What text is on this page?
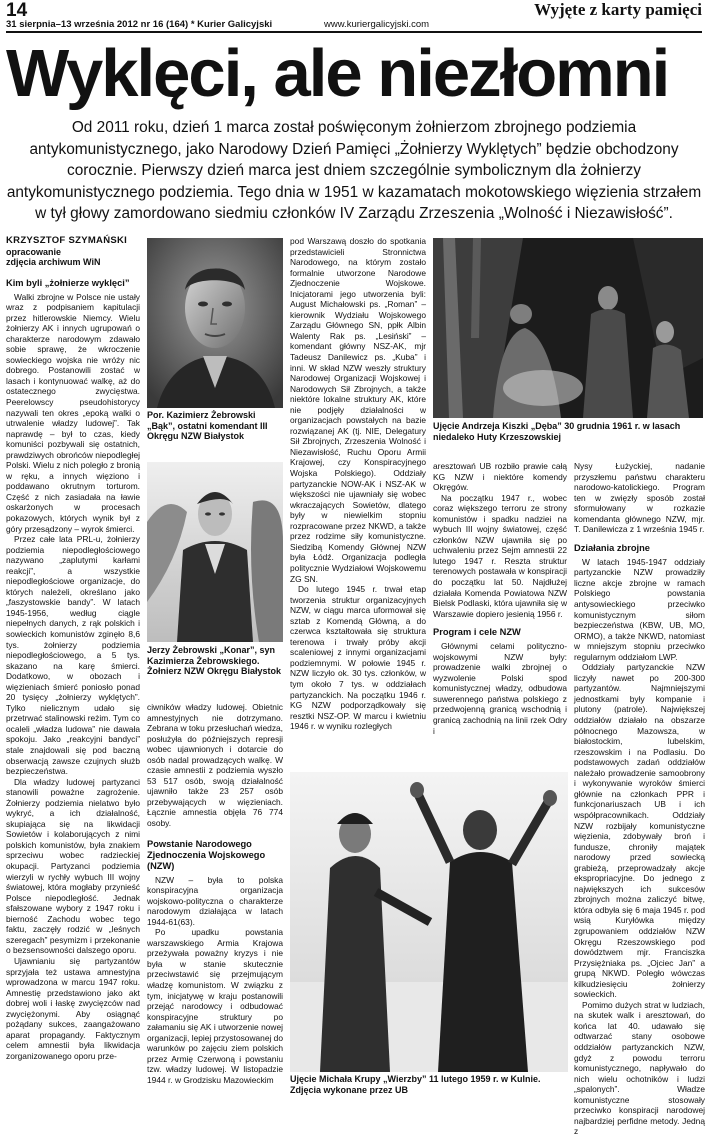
14
31 sierpnia–13 września 2012 nr 16 (164) * Kurier Galicyjski	www.kuriergalicyjski.com
Wyjęte z karty pamięci
Wyklęci, ale niezłomni
Od 2011 roku, dzień 1 marca został poświęconym żołnierzom zbrojnego podziemia antykomunistycznego, jako Narodowy Dzień Pamięci „Żołnierzy Wyklętych” będzie obchodzony corocznie. Pierwszy dzień marca jest dniem szczególnie symbolicznym dla żołnierzy antykomunistycznego podziemia. Tego dnia w 1951 w kazamatach mokotowskiego więzienia strzałem w tył głowy zamordowano siedmiu członków IV Zarządu Zrzeszenia „Wolność i Niezawisłość”.
KRZYSZTOF SZYMAŃSKI
opracowanie
zdjęcia archiwum WiN
Kim byli „żołnierze wyklęci”

Walki zbrojne w Polsce nie ustały wraz z podpisaniem kapitulacji przez hitlerowskie Niemcy. Wielu żołnierzy AK i innych ugrupowań o charakterze narodowym zdawało sobie sprawę, że wkroczenie sowieckiego wojska nie wróży nic dobrego. Postanowili zostać w lasach i kontynuować walkę, aż do ostatecznego zwycięstwa. Peerelowscy pseudohistorycy nazywali ten okres „epoką walki o utrwalenie władzy ludowej”. Tak naprawdę – był to czas, kiedy komuniści pozbywali się ostatnich, prawdziwych obrońców niepodległej Polski. Wielu z nich poległo z bronią w ręku, a innych więziono i poddawano okrutnym torturom. Część z nich zasiadała na ławie oskarżonych w procesach pokazowych, których wynik był z góry przesądzony – wyrok śmierci.

Przez całe lata PRL-u, żołnierzy podziemia niepodległościowego nazywano „zaplutymi karłami reakcji”, a wszystkie niepodległościowe organizacje, do których należeli, określano jako „faszystowskie bandy”. W latach 1945-1956, według ciągle niepełnych danych, z rąk polskich i sowieckich komunistów zginęło 8,6 tys. żołnierzy podziemia niepodległościowego, a 5 tys. skazano na karę śmierci. Dodatkowo, w obozach i więzieniach śmierć poniosło ponad 20 tysięcy „żołnierzy wyklętych”. Tylko nielicznym udało się przetrwać stalinowski reżim. Tym co ocaleli „władza ludowa” nie dawała spokoju. Jako „reakcyjni bandyci” stale znajdowali się pod baczną obserwacją zawsze czujnych służb bezpieczeństwa.

Dla władzy ludowej partyzanci stanowili poważne zagrożenie. Żołnierzy podziemia nielatwo było wykryć, a ich działalność, skupiająca się na likwidacji Sowietów i kolaborujących z nimi polskich komunistów, była znakiem sprzeciwu wobec radzieckiej okupacji. Partyzanci podziemia wierzyli w rychły wybuch III wojny światowej, która mogłaby przynieść Polsce niepodległość. Jednak sfałszowane wybory z 1947 roku i bierność Zachodu wobec tego faktu, zaczęły rodzić w „leśnych szeregach” pesymizm i przekonanie o bezsensowności dalszego oporu.

Ujawnianiu się partyzantów sprzyjała też ustawa amnestyjna wprowadzona w marcu 1947 roku. Amnestię przedstawiono jako akt dobrej woli i łaskę zwycięzców nad zwyciężonymi. Aby osiągnąć pożądany sukces, zaangażowano aparat propagandy. Faktycznym celem amnestii była likwidacja zorganizowanego oporu prze-

Por. Kazimierz Żebrowski „Bąk”, ostatni komendant III Okręgu NZW Białystok
Jerzy Żebrowski „Konar”, syn Kazimierza Żebrowskiego. Żołnierz NZW Okręgu Białystok

ciwników władzy ludowej. Obietnic amnestyjnych nie dotrzymano. Zebrana w toku przesłuchań wiedza, posłużyła do późniejszych represji wobec ujawnionych i dotarcie do osób nadal prowadzących walkę. W czasie amnestii z podziemia wyszło 53 517 osób, swoją działalność ujawniło także 23 257 osób przebywających w więzieniach. Łącznie amnestia objęła 76 774 osoby.

Powstanie Narodowego Zjednoczenia Wojskowego (NZW)

NZW – była to polska konspiracyjna organizacja wojskowo-polityczna o charakterze narodowym działająca w latach 1944-61(63).

Po upadku powstania warszawskiego Armia Krajowa przeżywała poważny kryzys i nie była w stanie skutecznie przeciwstawić się przejmującym władzę komunistom. W związku z tym, inicjatywę w kraju postanowili przejąć narodowcy i odbudować konspiracyjne struktury po załamaniu się AK i utworzenie nowej organizacji, lepiej przystosowanej do warunków po zajęciu ziem polskich przez Armię Czerwoną i powstaniu tzw. władzy ludowej. W listopadzie 1944 r. w Grodzisku Mazowieckim

pod Warszawą doszło do spotkania przedstawicieli Stronnictwa Narodowego, na którym zostało formalnie utworzone Narodowe Zjednoczenie Wojskowe. Inicjatorami jego utworzenia byli: August Michałowski ps. „Roman” – kierownik Wydziału Wojskowego Zarządu Głównego SN, ppłk Albin Walenty Rak ps. „Lesiński” – komendant główny NSZ-AK, mjr Tadeusz Danilewicz ps. „Kuba” i inni. W skład NZW weszły struktury Narodowej Organizacji Wojskowej i Narodowych Sił Zbrojnych, a także niektóre lokalne struktury AK, które nie podjęły działalności w organizacjach powstałych na bazie rozwiązanej AK (tj. NIE, Delegatury Sił Zbrojnych, Zrzeszenia Wolność i Niezawisłość, Ruchu Oporu Armii Krajowej, czy Konspiracyjnego Wojska Polskiego). Oddziały partyzanckie NOW-AK i NSZ-AK w większości nie ujawniały się wobec wkraczających Sowietów, dlatego były w niewielkim stopniu rozpracowane przez NKWD, a także przez rodzime siły komunistyczne. Siedzibą Komendy Głównej NZW była Łódź. Organizacja podległa politycznie Wydziałowi Wojskowemu ZG SN.

Do lutego 1945 r. trwał etap tworzenia struktur organizacyjnych NZW, w ciągu marca uformował się sztab z Komendą Główną, a do czerwca kształtowała się struktura terenowa i trwały próby akcji scaleniowej z innymi organizacjami podziemnymi. W połowie 1945 r. NZW liczyło ok. 30 tys. członków, w tym około 7 tys. w oddziałach partyzanckich. Na początku 1946 r. KG NZW podporządkowały się resztki NSZ-OP. W marcu i kwietniu 1946 r. w wyniku rozległych

Ujęcie Andrzeja Kiszki „Dęba” 30 grudnia 1961 r. w lasach niedaleko Huty Krzeszowskiej

aresztowań UB rozbiło prawie całą KG NZW i niektóre komendy Okręgów.

Na początku 1947 r., wobec coraz większego terroru ze strony komunistów i spadku nadziei na wybuch III wojny światowej, część członków NZW ujawniła się po uchwaleniu przez Sejm amnestii 22 lutego 1947 r. Reszta struktur terenowych postawała w konspiracji do początku lat 50. Najdłużej działała Komenda Powiatowa NZW Bielsk Podlaski, która ujawniła się w Warszawie dopiero jesienią 1956 r.

Program i cele NZW

Głównymi celami polityczno-wojskowymi NZW były: prowadzenie walki zbrojnej o wyzwolenie Polski spod komunistycznej władzy, odbudowa suwerennego państwa polskiego z przedwojenną granicą wschodnią i granicą zachodnią na linii rzek Odry i

Nysy Łużyckiej, nadanie przyszłemu państwu charakteru narodowo-katolickiego. Program ten w zwięzły sposób został sformułowany w rozkazie komendanta głównego NZW, mjr. T. Danilewicza z 1 września 1945 r.

Działania zbrojne

W latach 1945-1947 oddziały partyzanckie NZW prowadziły liczne akcje zbrojne w ramach Polskiego powstania antysowieckiego przeciwko komunistycznym siłom bezpieczeństwa (KBW, UB, MO, ORMO), a także NKWD, natomiast w mniejszym stopniu przeciwko regularnym oddziałom LWP.

Oddziały partyzanckie NZW liczyły nawet po 200-300 partyzantów. Najmniejszymi jednostkami były kompanie i plutony (patrole). Największej oddziałów działało na obszarze północnego Mazowsza, w białostockim, lubelskim, rzeszowskim i na Podlasiu. Do podstawowych zadań oddziałów należało prowadzenie samoobrony i wykonywanie wyroków śmierci głównie na członkach PPR i funkcjonariuszach UB i ich współpracownikach. Oddziały NZW rozbijały komunistyczne więzienia, zdobywały broń i fundusze, chroniły majątek narodowy przed sowiecką grabieżą, przeprowadzały akcje ekspropriacyjne. Do jednego z największych ich sukcesów zbrojnych można zaliczyć bitwę, która odbyła się 6 maja 1945 r. pod wsią Kuryłówka między zgrupowaniem oddziałów NZW Okręgu Rzeszowskiego pod dowództwem mjr. Franciszka Przysiężniaka ps. „Ojciec Jan” a grupą NKWD. Poległo wówczas kilkudziesięciu żołnierzy sowieckich.

Pomimo dużych strat w ludziach, na skutek walk i aresztowań, do końca lat 40. udawało się odtwarzać stany osobowe oddziałów partyzanckich NZW, gdyż z powodu terroru komunistycznego, napływało do nich wielu ochotników i ludzi „spalonych”. Władze komunistyczne stosowały przeciwko konspiracji narodowej najbardziej perfidne metody. Jedną z

Ujęcie Michała Krupy „Wierzby” 11 lutego 1959 r. w Kulnie. Zdjęcia wykonane przez UB
